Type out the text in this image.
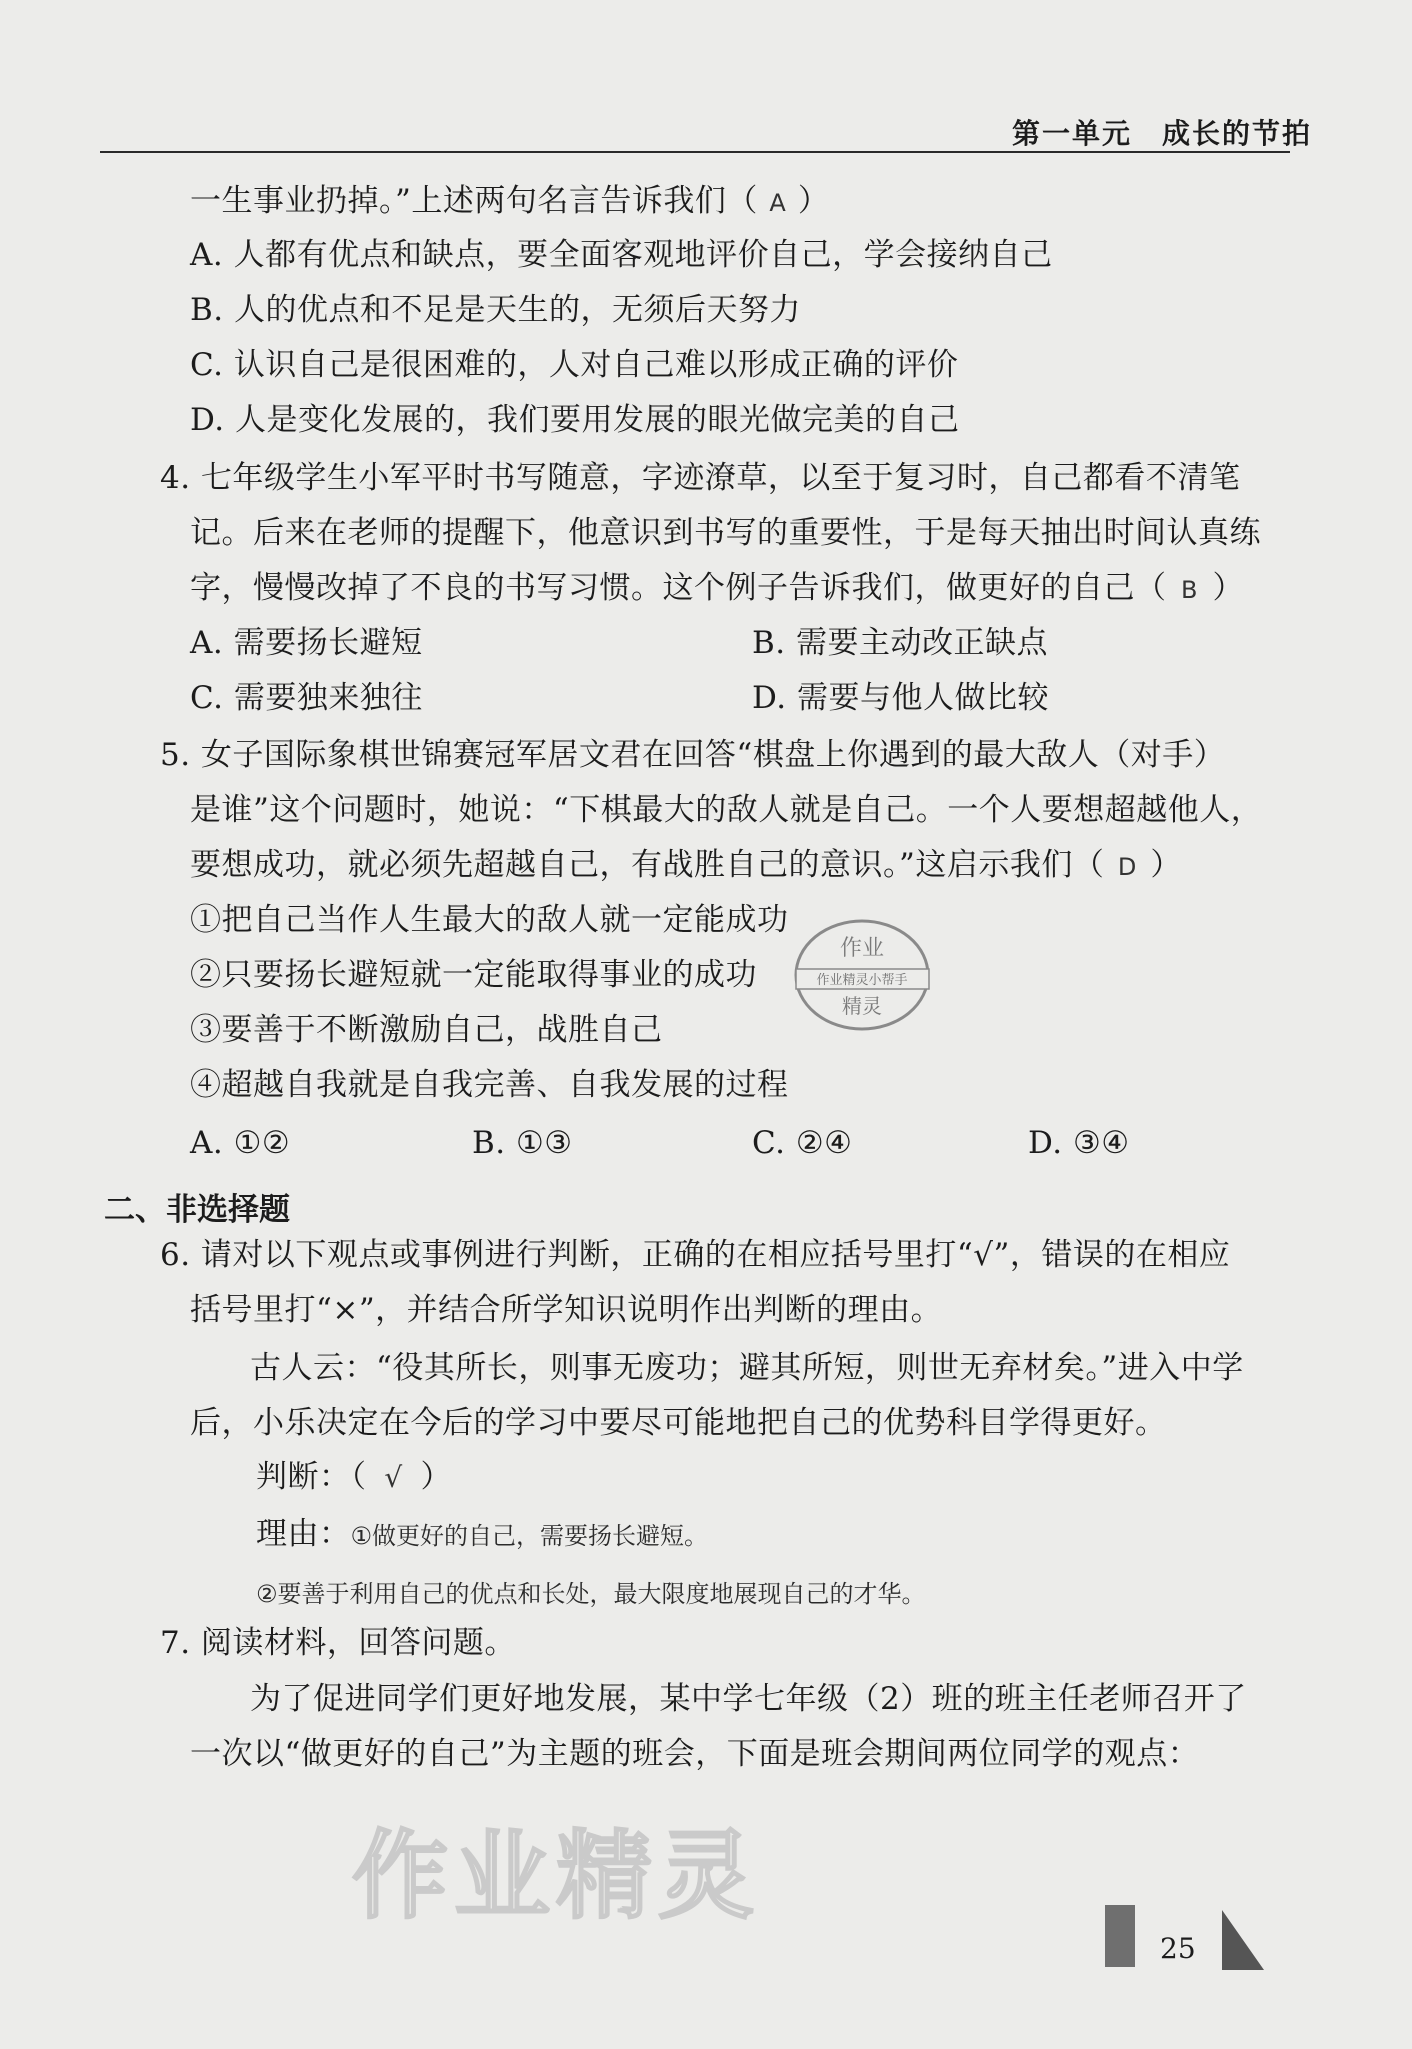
第一单元　成长的节拍
一生事业扔掉。”上述两句名言告诉我们（ A ）
A. 人都有优点和缺点，要全面客观地评价自己，学会接纳自己
B. 人的优点和不足是天生的，无须后天努力
C. 认识自己是很困难的，人对自己难以形成正确的评价
D. 人是变化发展的，我们要用发展的眼光做完美的自己
4. 七年级学生小军平时书写随意，字迹潦草，以至于复习时，自己都看不清笔
记。后来在老师的提醒下，他意识到书写的重要性，于是每天抽出时间认真练
字，慢慢改掉了不良的书写习惯。这个例子告诉我们，做更好的自己（ B ）
A. 需要扬长避短	B. 需要主动改正缺点
C. 需要独来独往	D. 需要与他人做比较
5. 女子国际象棋世锦赛冠军居文君在回答“棋盘上你遇到的最大敌人（对手）
是谁”这个问题时，她说：“下棋最大的敌人就是自己。一个人要想超越他人，
要想成功，就必须先超越自己，有战胜自己的意识。”这启示我们（ D ）
①把自己当作人生最大的敌人就一定能成功
②只要扬长避短就一定能取得事业的成功
③要善于不断激励自己，战胜自己
④超越自我就是自我完善、自我发展的过程
A. ①②	B. ①③	C. ②④	D. ③④
作业
作业精灵小帮手
精灵
二、非选择题
6. 请对以下观点或事例进行判断，正确的在相应括号里打“√”，错误的在相应
括号里打“×”，并结合所学知识说明作出判断的理由。
古人云：“役其所长，则事无废功；避其所短，则世无弃材矣。”进入中学
后，小乐决定在今后的学习中要尽可能地把自己的优势科目学得更好。
判断：（ √ ）
理由：①做更好的自己，需要扬长避短。
②要善于利用自己的优点和长处，最大限度地展现自己的才华。
7. 阅读材料，回答问题。
为了促进同学们更好地发展，某中学七年级（2）班的班主任老师召开了
一次以“做更好的自己”为主题的班会，下面是班会期间两位同学的观点：
作业精灵
25
